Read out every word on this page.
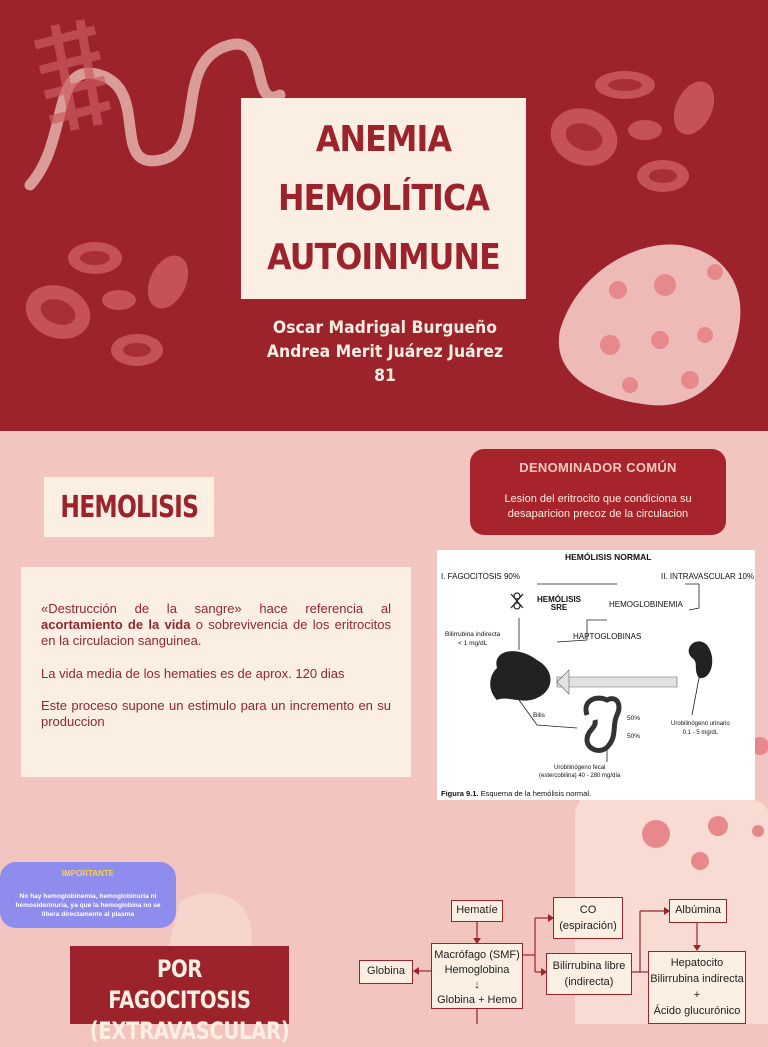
ANEMIA
HEMOLÍTICA
AUTOINMUNE
Oscar Madrigal Burgueño
Andrea Merit Juárez Juárez
81
HEMOLISIS
DENOMINADOR COMÚN
Lesion del eritrocito que condiciona su desaparicion precoz de la circulacion

«Destrucción de la sangre» hace referencia al acortamiento de la vida o sobrevivencia de los eritrocitos en la circulacion sanguinea.

La vida media de los hematies es de aprox. 120 dias

Este proceso supone un estimulo para un incremento en su produccion

HEMÓLISIS NORMAL
I. FAGOCITOSIS 90%	II. INTRAVASCULAR 10%
HEMÓLISIS
SRE	HEMOGLOBINEMIA
HAPTOGLOBINAS
Bilirrubina indirecta
< 1 mg/dL
Bilis	50%
50%
Urobilinógeno urinario
0.1 - 5 mg/dL
Urobilinógeno fecal
(estercobilina) 40 - 280 mg/día
Figura 9.1. Esquema de la hemólisis normal.
IMPORTANTE
No hay hemoglobinemia, hemoglobinuria ni hemosiderinuria, ya que la hemoglobina no se libera directamente al plasma
POR FAGOCITOSIS
(EXTRAVASCULAR)
Hematíe
Macrófago (SMF)
Hemoglobina
↓
Globina + Hemo
Globina
CO
(espiración)
Bilirrubina libre
(indirecta)
Albúmina
Hepatocito
Bilirrubina indirecta
+
Ácido glucurónico
